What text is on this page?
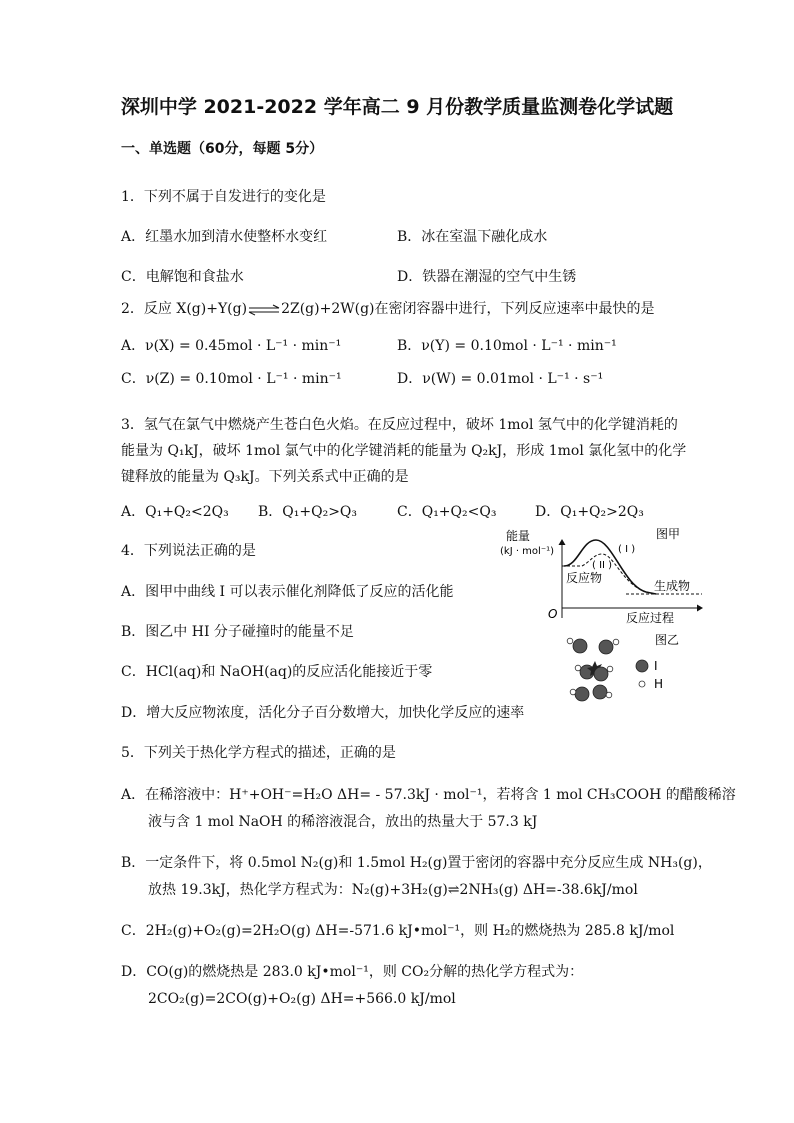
深圳中学 2021-2022 学年高二 9 月份教学质量监测卷化学试题
一、单选题（60分，每题 5分）
1．下列不属于自发进行的变化是
A．红墨水加到清水使整杯水变红	B．冰在室温下融化成水
C．电解饱和食盐水	D．铁器在潮湿的空气中生锈
2．反应 X(g)+Y(g)⇌2Z(g)+2W(g)在密闭容器中进行，下列反应速率中最快的是
A．ν(X) = 0.45mol · L⁻¹ · min⁻¹	B．ν(Y) = 0.10mol · L⁻¹ · min⁻¹
C．ν(Z) = 0.10mol · L⁻¹ · min⁻¹	D．ν(W) = 0.01mol · L⁻¹ · s⁻¹
3．氢气在氯气中燃烧产生苍白色火焰。在反应过程中，破坏 1mol 氢气中的化学键消耗的
能量为 Q₁kJ，破坏 1mol 氯气中的化学键消耗的能量为 Q₂kJ，形成 1mol 氯化氢中的化学
键释放的能量为 Q₃kJ。下列关系式中正确的是
A．Q₁+Q₂<2Q₃ B．Q₁+Q₂>Q₃	C．Q₁+Q₂<Q₃	D．Q₁+Q₂>2Q₃
4．下列说法正确的是
A．图甲中曲线 I 可以表示催化剂降低了反应的活化能
B．图乙中 HI 分子碰撞时的能量不足
C．HCl(aq)和 NaOH(aq)的反应活化能接近于零
D．增大反应物浓度，活化分子百分数增大，加快化学反应的速率
能量
(kJ · mol⁻¹)
图甲
( I )
( II )
反应物
生成物
O	反应过程
图乙
I
H
5．下列关于热化学方程式的描述，正确的是
A．在稀溶液中：H⁺+OH⁻=H₂O ΔH= - 57.3kJ · mol⁻¹，若将含 1 mol CH₃COOH 的醋酸稀溶
液与含 1 mol NaOH 的稀溶液混合，放出的热量大于 57.3 kJ
B．一定条件下，将 0.5mol N₂(g)和 1.5mol H₂(g)置于密闭的容器中充分反应生成 NH₃(g)，
放热 19.3kJ，热化学方程式为：N₂(g)+3H₂(g)⇌2NH₃(g) ΔH=-38.6kJ/mol
C．2H₂(g)+O₂(g)=2H₂O(g) ΔH=-571.6 kJ•mol⁻¹，则 H₂的燃烧热为 285.8 kJ/mol
D．CO(g)的燃烧热是 283.0 kJ•mol⁻¹，则 CO₂分解的热化学方程式为：
2CO₂(g)=2CO(g)+O₂(g) ΔH=+566.0 kJ/mol
